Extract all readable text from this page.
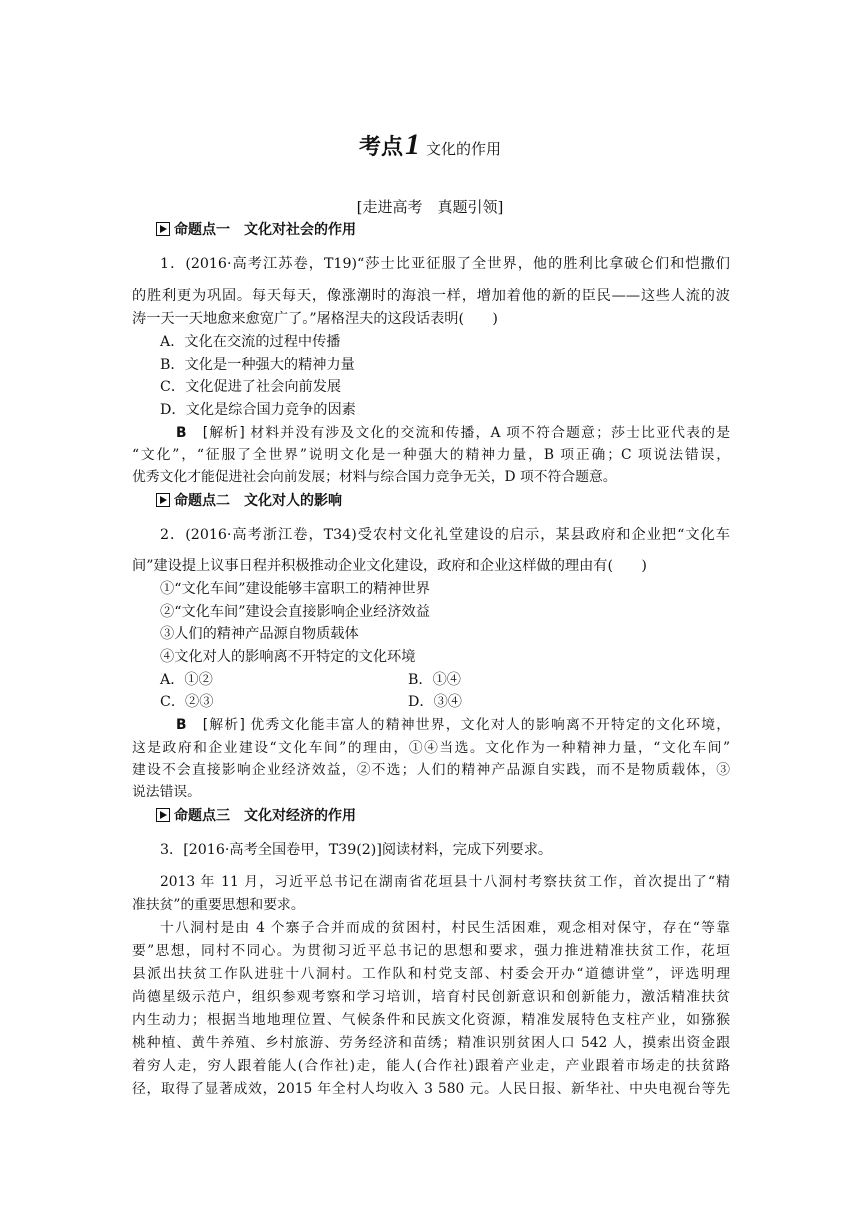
考点1 文化的作用
[走进高考　真题引领]
命题点一 文化对社会的作用
1．(2016·高考江苏卷，T19)“莎士比亚征服了全世界，他的胜利比拿破仑们和恺撒们
的胜利更为巩固。每天每天，像涨潮时的海浪一样，增加着他的新的臣民——这些人流的波
涛一天一天地愈来愈宽广了。”屠格涅夫的这段话表明(　　)
A．文化在交流的过程中传播
B．文化是一种强大的精神力量
C．文化促进了社会向前发展
D．文化是综合国力竞争的因素
B　 [解析] 材料并没有涉及文化的交流和传播，A 项不符合题意；莎士比亚代表的是
“文化”，“征服了全世界”说明文化是一种强大的精神力量，B 项正确；C 项说法错误，
优秀文化才能促进社会向前发展；材料与综合国力竞争无关，D 项不符合题意。
命题点二 文化对人的影响
2．(2016·高考浙江卷，T34)受农村文化礼堂建设的启示，某县政府和企业把“文化车
间”建设提上议事日程并积极推动企业文化建设，政府和企业这样做的理由有(　　)
①“文化车间”建设能够丰富职工的精神世界
②“文化车间”建设会直接影响企业经济效益
③人们的精神产品源自物质载体
④文化对人的影响离不开特定的文化环境
A．①②	B．①④
C．②③	D．③④
B　 [解析] 优秀文化能丰富人的精神世界，文化对人的影响离不开特定的文化环境，
这是政府和企业建设“文化车间”的理由，①④当选。文化作为一种精神力量，“文化车间”
建设不会直接影响企业经济效益，②不选；人们的精神产品源自实践，而不是物质载体，③
说法错误。
命题点三 文化对经济的作用
3．[2016·高考全国卷甲，T39(2)]阅读材料，完成下列要求。
2013 年 11 月，习近平总书记在湖南省花垣县十八洞村考察扶贫工作，首次提出了“精
准扶贫”的重要思想和要求。
十八洞村是由 4 个寨子合并而成的贫困村，村民生活困难，观念相对保守，存在“等靠
要”思想，同村不同心。为贯彻习近平总书记的思想和要求，强力推进精准扶贫工作，花垣
县派出扶贫工作队进驻十八洞村。工作队和村党支部、村委会开办“道德讲堂”，评选明理
尚德星级示范户，组织参观考察和学习培训，培育村民创新意识和创新能力，激活精准扶贫
内生动力；根据当地地理位置、气候条件和民族文化资源，精准发展特色支柱产业，如猕猴
桃种植、黄牛养殖、乡村旅游、劳务经济和苗绣；精准识别贫困人口 542 人，摸索出资金跟
着穷人走，穷人跟着能人(合作社)走，能人(合作社)跟着产业走，产业跟着市场走的扶贫路
径，取得了显著成效，2015 年全村人均收入 3 580 元。人民日报、新华社、中央电视台等先
